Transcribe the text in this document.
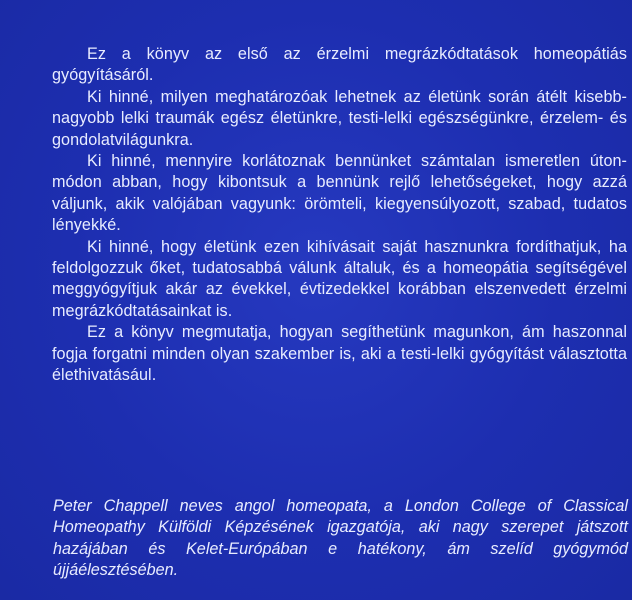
Ez a könyv az első az érzelmi megrázkódtatások homeopátiás gyógyításáról.

Ki hinné, milyen meghatározóak lehetnek az életünk során átélt kisebb-nagyobb lelki traumák egész életünkre, testi-lelki egészségünkre, érzelem- és gondolatvilágunkra.

Ki hinné, mennyire korlátoznak bennünket számtalan ismeretlen úton-módon abban, hogy kibontsuk a bennünk rejlő lehetőségeket, hogy azzá váljunk, akik valójában vagyunk: örömteli, kiegyensúlyozott, szabad, tudatos lényekké.

Ki hinné, hogy életünk ezen kihívásait saját hasznunkra fordíthatjuk, ha feldolgozzuk őket, tudatosabbá válunk általuk, és a homeopátia segítségével meggyógyítjuk akár az évekkel, évtizedekkel korábban elszenvedett érzelmi megrázkódtatásainkat is.

Ez a könyv megmutatja, hogyan segíthetünk magunkon, ám haszonnal fogja forgatni minden olyan szakember is, aki a testi-lelki gyógyítást választotta élethivatásául.

Peter Chappell neves angol homeopata, a London College of Classical Homeopathy Külföldi Képzésének igazgatója, aki nagy szerepet játszott hazájában és Kelet-Európában e hatékony, ám szelíd gyógymód újjáélesztésében.
